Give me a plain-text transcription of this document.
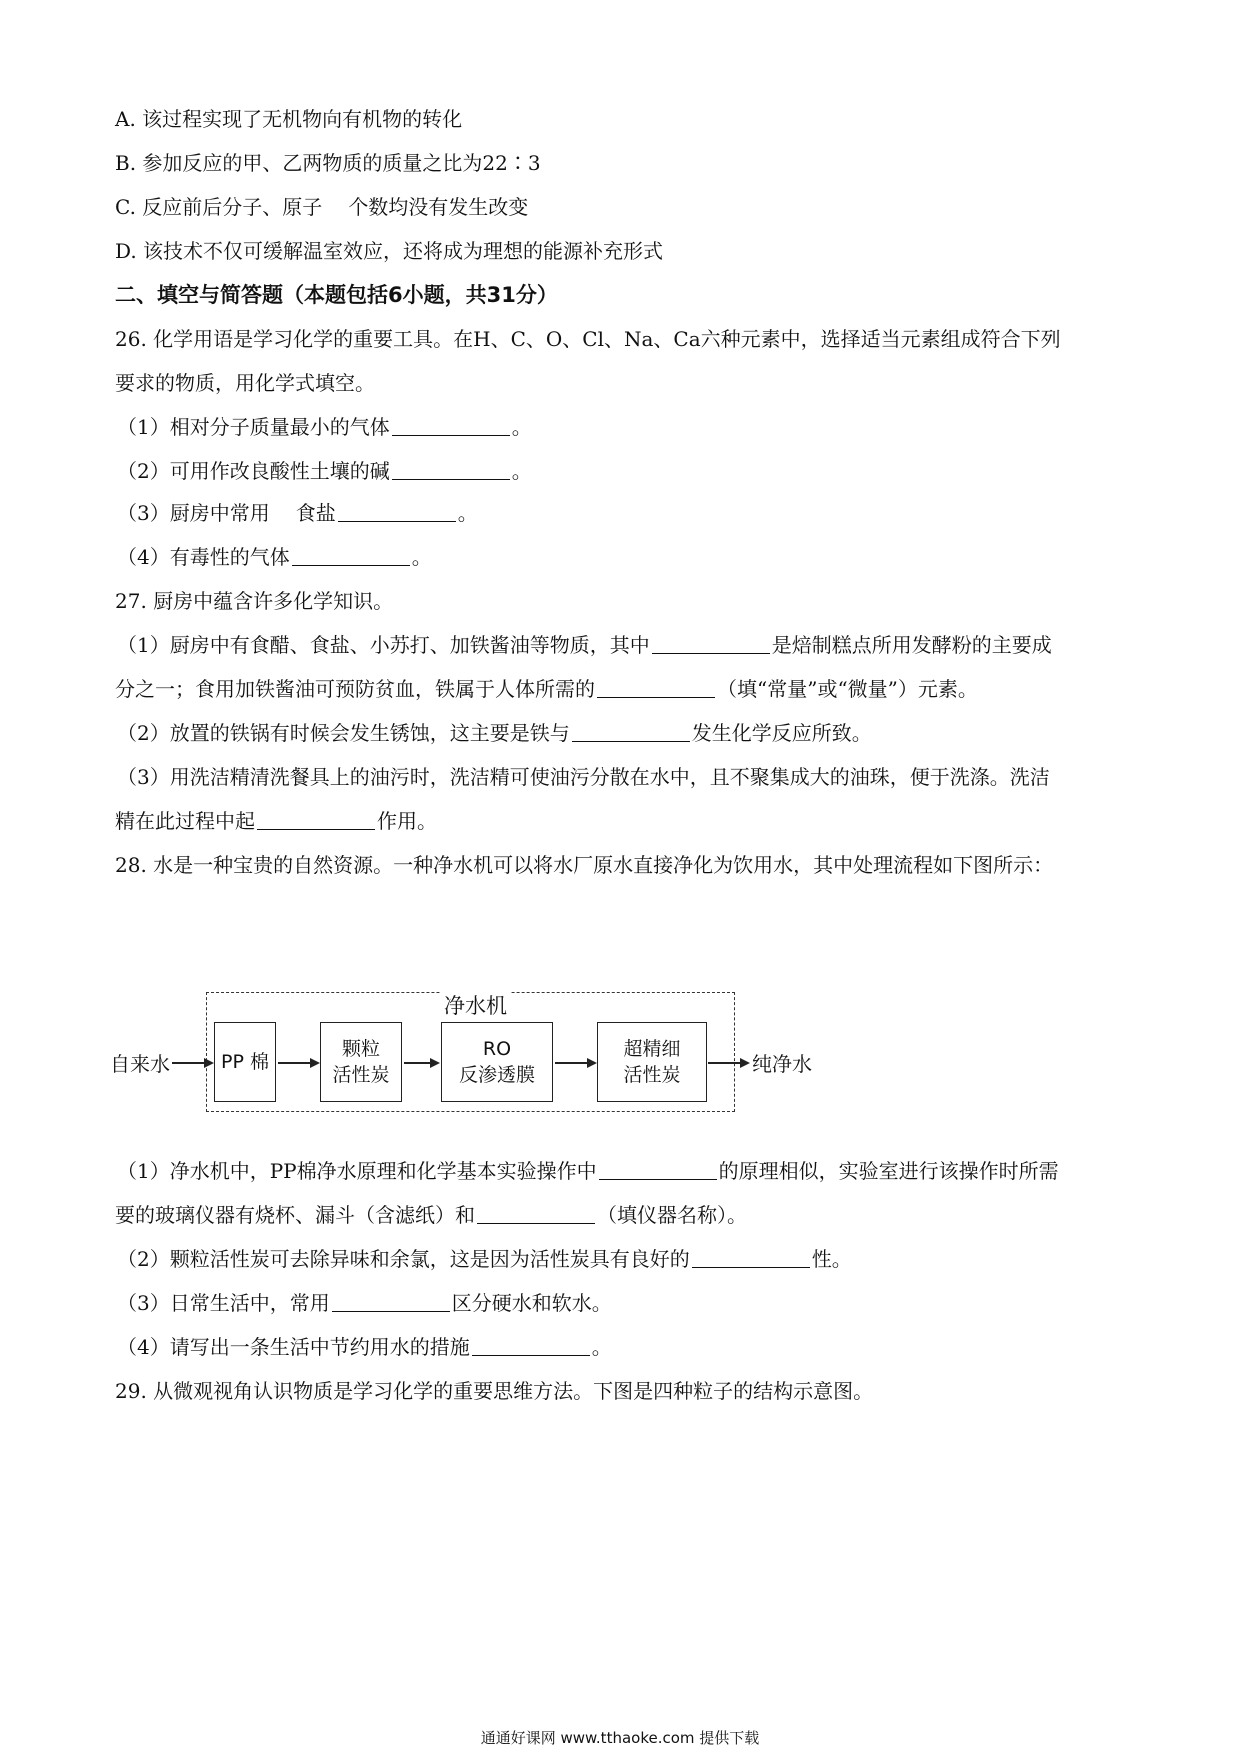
A. 该过程实现了无机物向有机物的转化
B. 参加反应的甲、乙两物质的质量之比为22∶3
C. 反应前后分子、原子 个数均没有发生改变
D. 该技术不仅可缓解温室效应，还将成为理想的能源补充形式
二、填空与简答题（本题包括6小题，共31分）
26. 化学用语是学习化学的重要工具。在H、C、O、Cl、Na、Ca六种元素中，选择适当元素组成符合下列
要求的物质，用化学式填空。
（1）相对分子质量最小的气体	。
（2）可用作改良酸性土壤的碱	。
（3）厨房中常用 食盐	。
（4）有毒性的气体	。
27. 厨房中蕴含许多化学知识。
（1）厨房中有食醋、食盐、小苏打、加铁酱油等物质，其中	是焙制糕点所用发酵粉的主要成
分之一；食用加铁酱油可预防贫血，铁属于人体所需的	（填“常量”或“微量”）元素。
（2）放置的铁锅有时候会发生锈蚀，这主要是铁与	发生化学反应所致。
（3）用洗洁精清洗餐具上的油污时，洗洁精可使油污分散在水中，且不聚集成大的油珠，便于洗涤。洗洁
精在此过程中起	作用。
28. 水是一种宝贵的自然资源。一种净水机可以将水厂原水直接净化为饮用水，其中处理流程如下图所示：
净水机
自来水	PP 棉
颗粒
活性炭
RO
反渗透膜
超精细
活性炭	纯净水
（1）净水机中，PP棉净水原理和化学基本实验操作中	的原理相似，实验室进行该操作时所需
要的玻璃仪器有烧杯、漏斗（含滤纸）和	（填仪器名称）。
（2）颗粒活性炭可去除异味和余氯，这是因为活性炭具有良好的	性。
（3）日常生活中，常用	区分硬水和软水。
（4）请写出一条生活中节约用水的措施	。
29. 从微观视角认识物质是学习化学的重要思维方法。下图是四种粒子的结构示意图。
通通好课网 www.tthaoke.com 提供下载
